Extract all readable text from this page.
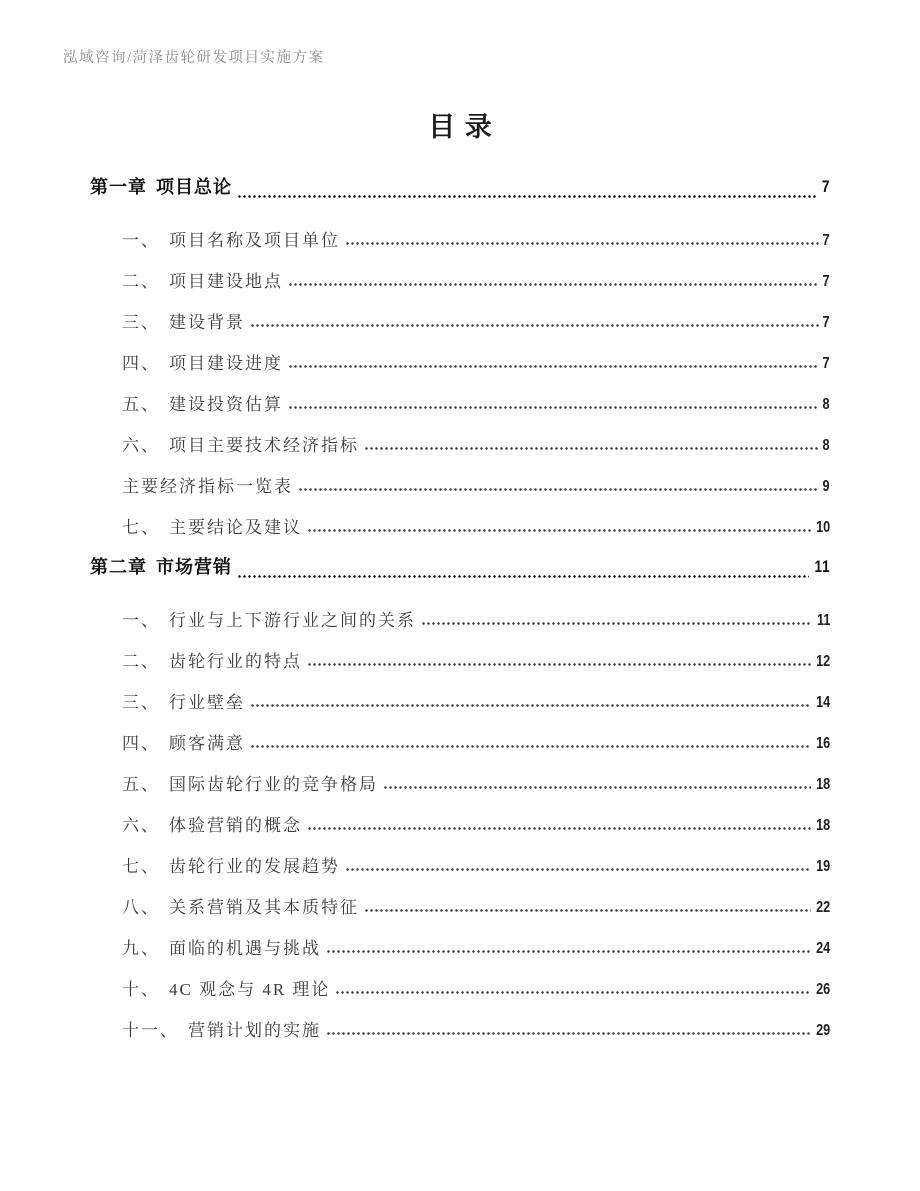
泓域咨询/菏泽齿轮研发项目实施方案
目录
第一章 项目总论	7
一、 项目名称及项目单位	7
二、 项目建设地点	7
三、 建设背景	7
四、 项目建设进度	7
五、 建设投资估算	8
六、 项目主要技术经济指标	8
主要经济指标一览表	9
七、 主要结论及建议	10
第二章 市场营销	11
一、 行业与上下游行业之间的关系	11
二、 齿轮行业的特点	12
三、 行业壁垒	14
四、 顾客满意	16
五、 国际齿轮行业的竞争格局	18
六、 体验营销的概念	18
七、 齿轮行业的发展趋势	19
八、 关系营销及其本质特征	22
九、 面临的机遇与挑战	24
十、 4C 观念与 4R 理论	26
十一、 营销计划的实施	29
